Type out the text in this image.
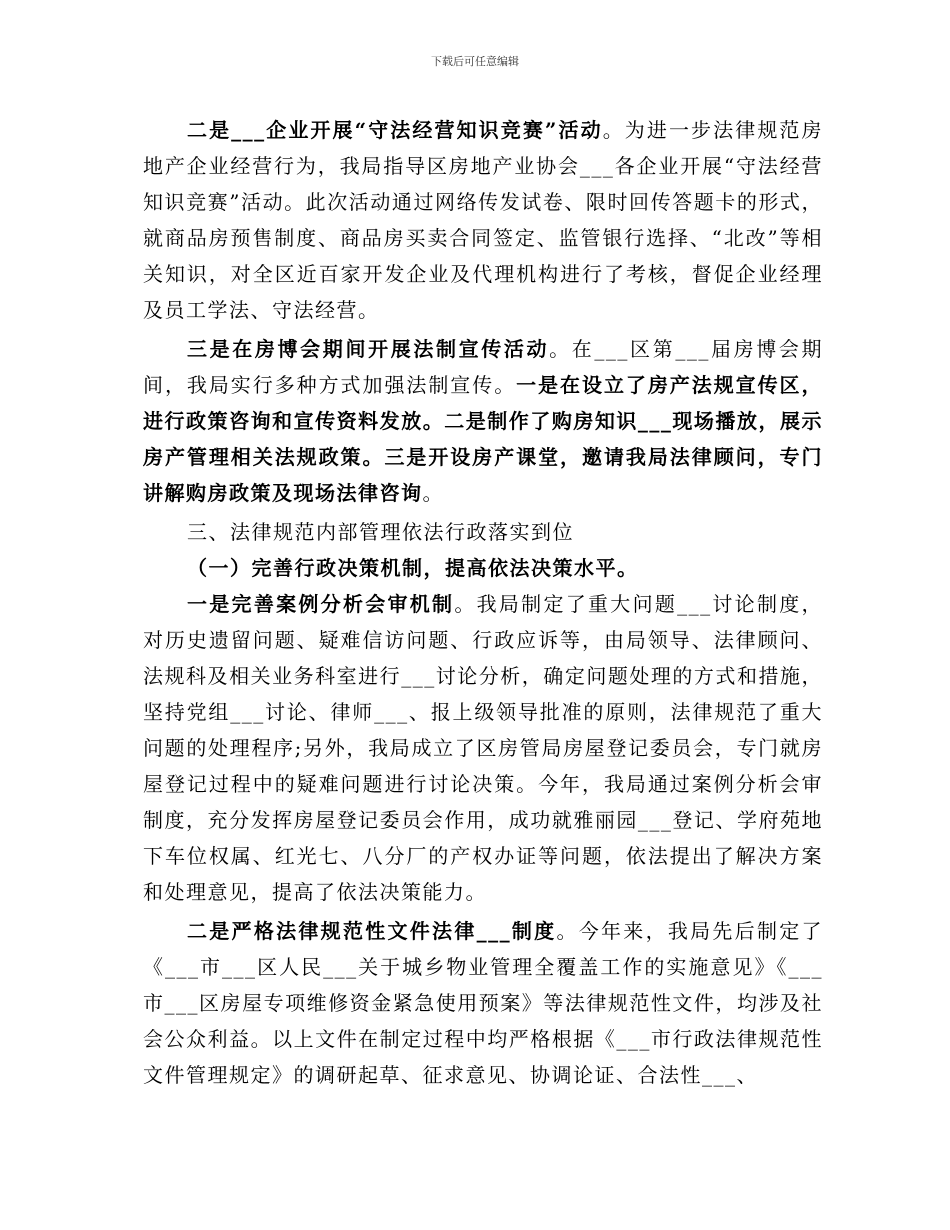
下载后可任意编辑

二是___企业开展“守法经营知识竞赛”活动。为进一步法律规范房地产企业经营行为，我局指导区房地产业协会___各企业开展“守法经营知识竞赛”活动。此次活动通过网络传发试卷、限时回传答题卡的形式，就商品房预售制度、商品房买卖合同签定、监管银行选择、“北改”等相关知识，对全区近百家开发企业及代理机构进行了考核，督促企业经理及员工学法、守法经营。

三是在房博会期间开展法制宣传活动。在___区第___届房博会期间，我局实行多种方式加强法制宣传。一是在设立了房产法规宣传区，进行政策咨询和宣传资料发放。二是制作了购房知识___现场播放，展示房产管理相关法规政策。三是开设房产课堂，邀请我局法律顾问，专门讲解购房政策及现场法律咨询。

三、法律规范内部管理依法行政落实到位

（一）完善行政决策机制，提高依法决策水平。

一是完善案例分析会审机制。我局制定了重大问题___讨论制度，对历史遗留问题、疑难信访问题、行政应诉等，由局领导、法律顾问、法规科及相关业务科室进行___讨论分析，确定问题处理的方式和措施，坚持党组___讨论、律师___、报上级领导批准的原则，法律规范了重大问题的处理程序;另外，我局成立了区房管局房屋登记委员会，专门就房屋登记过程中的疑难问题进行讨论决策。今年，我局通过案例分析会审制度，充分发挥房屋登记委员会作用，成功就雅丽园___登记、学府苑地下车位权属、红光七、八分厂的产权办证等问题，依法提出了解决方案和处理意见，提高了依法决策能力。

二是严格法律规范性文件法律___制度。今年来，我局先后制定了《___市___区人民___关于城乡物业管理全覆盖工作的实施意见》《___市___区房屋专项维修资金紧急使用预案》等法律规范性文件，均涉及社会公众利益。以上文件在制定过程中均严格根据《___市行政法律规范性文件管理规定》的调研起草、征求意见、协调论证、合法性___、
